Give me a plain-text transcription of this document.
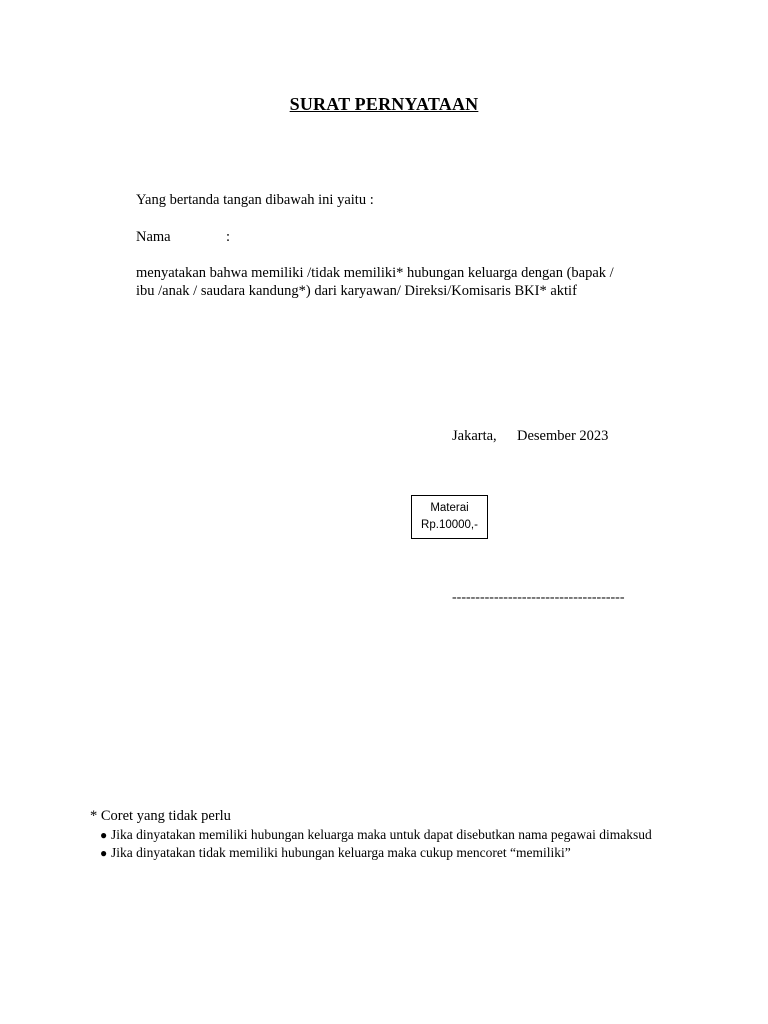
SURAT PERNYATAAN
Yang bertanda tangan dibawah ini yaitu :
Nama	:
menyatakan bahwa memiliki /tidak memiliki* hubungan keluarga dengan (bapak /
ibu /anak / saudara kandung*) dari karyawan/ Direksi/Komisaris BKI* aktif
Jakarta, Desember 2023
Materai
Rp.10000,-
-------------------------------------
* Coret yang tidak perlu
● Jika dinyatakan memiliki hubungan keluarga maka untuk dapat disebutkan nama pegawai dimaksud
● Jika dinyatakan tidak memiliki hubungan keluarga maka cukup mencoret “memiliki”
